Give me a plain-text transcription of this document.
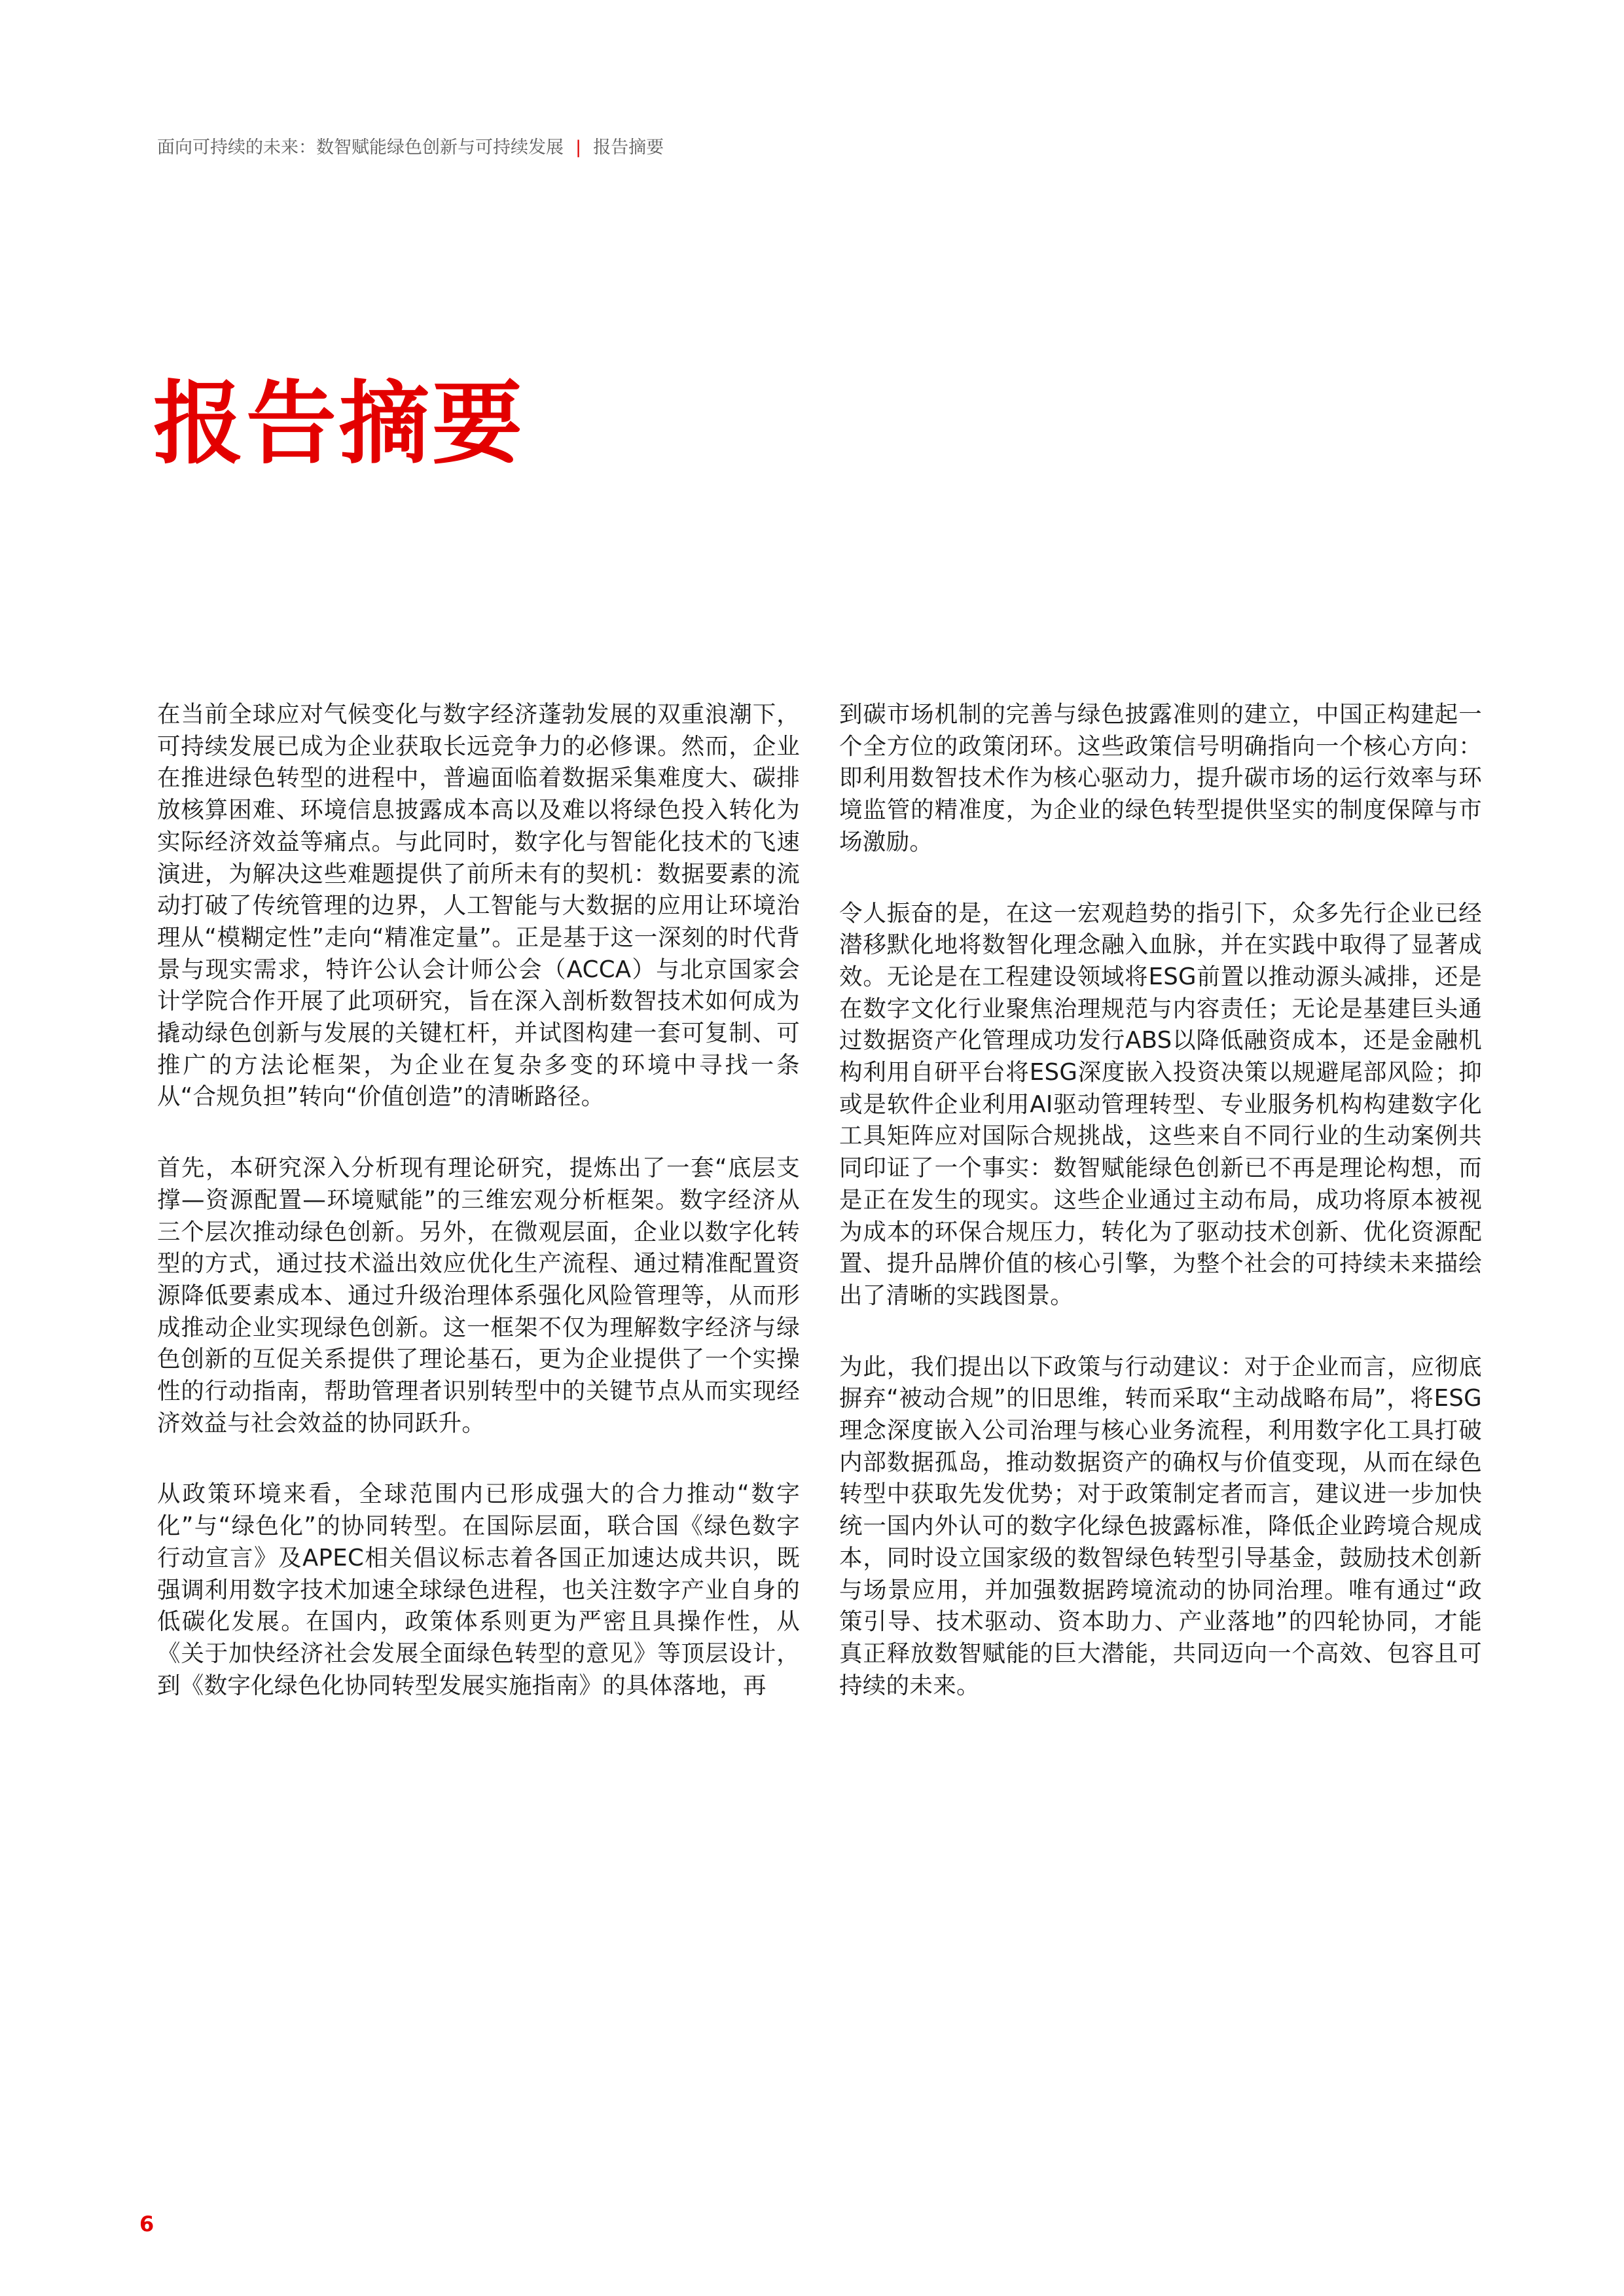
面向可持续的未来：数智赋能绿色创新与可持续发展 | 报告摘要
报告摘要

在当前全球应对气候变化与数字经济蓬勃发展的双重浪潮下，可持续发展已成为企业获取长远竞争力的必修课。然而，企业在推进绿色转型的进程中，普遍面临着数据采集难度大、碳排放核算困难、环境信息披露成本高以及难以将绿色投入转化为实际经济效益等痛点。与此同时，数字化与智能化技术的飞速演进，为解决这些难题提供了前所未有的契机：数据要素的流动打破了传统管理的边界，人工智能与大数据的应用让环境治理从“模糊定性”走向“精准定量”。正是基于这一深刻的时代背景与现实需求，特许公认会计师公会（ACCA）与北京国家会计学院合作开展了此项研究，旨在深入剖析数智技术如何成为撬动绿色创新与发展的关键杠杆，并试图构建一套可复制、可推广的方法论框架，为企业在复杂多变的环境中寻找一条从“合规负担”转向“价值创造”的清晰路径。

首先，本研究深入分析现有理论研究，提炼出了一套“底层支撑—资源配置—环境赋能”的三维宏观分析框架。数字经济从三个层次推动绿色创新。另外，在微观层面，企业以数字化转型的方式，通过技术溢出效应优化生产流程、通过精准配置资源降低要素成本、通过升级治理体系强化风险管理等，从而形成推动企业实现绿色创新。这一框架不仅为理解数字经济与绿色创新的互促关系提供了理论基石，更为企业提供了一个实操性的行动指南，帮助管理者识别转型中的关键节点从而实现经济效益与社会效益的协同跃升。

从政策环境来看，全球范围内已形成强大的合力推动“数字化”与“绿色化”的协同转型。在国际层面，联合国《绿色数字行动宣言》及APEC相关倡议标志着各国正加速达成共识，既强调利用数字技术加速全球绿色进程，也关注数字产业自身的低碳化发展。在国内，政策体系则更为严密且具操作性，从《关于加快经济社会发展全面绿色转型的意见》等顶层设计，到《数字化绿色化协同转型发展实施指南》的具体落地，再

到碳市场机制的完善与绿色披露准则的建立，中国正构建起一个全方位的政策闭环。这些政策信号明确指向一个核心方向：即利用数智技术作为核心驱动力，提升碳市场的运行效率与环境监管的精准度，为企业的绿色转型提供坚实的制度保障与市场激励。

令人振奋的是，在这一宏观趋势的指引下，众多先行企业已经潜移默化地将数智化理念融入血脉，并在实践中取得了显著成效。无论是在工程建设领域将ESG前置以推动源头减排，还是在数字文化行业聚焦治理规范与内容责任；无论是基建巨头通过数据资产化管理成功发行ABS以降低融资成本，还是金融机构利用自研平台将ESG深度嵌入投资决策以规避尾部风险；抑或是软件企业利用AI驱动管理转型、专业服务机构构建数字化工具矩阵应对国际合规挑战，这些来自不同行业的生动案例共同印证了一个事实：数智赋能绿色创新已不再是理论构想，而是正在发生的现实。这些企业通过主动布局，成功将原本被视为成本的环保合规压力，转化为了驱动技术创新、优化资源配置、提升品牌价值的核心引擎，为整个社会的可持续未来描绘出了清晰的实践图景。

为此，我们提出以下政策与行动建议：对于企业而言，应彻底摒弃“被动合规”的旧思维，转而采取“主动战略布局”，将ESG理念深度嵌入公司治理与核心业务流程，利用数字化工具打破内部数据孤岛，推动数据资产的确权与价值变现，从而在绿色转型中获取先发优势；对于政策制定者而言，建议进一步加快统一国内外认可的数字化绿色披露标准，降低企业跨境合规成本，同时设立国家级的数智绿色转型引导基金，鼓励技术创新与场景应用，并加强数据跨境流动的协同治理。唯有通过“政策引导、技术驱动、资本助力、产业落地”的四轮协同，才能真正释放数智赋能的巨大潜能，共同迈向一个高效、包容且可持续的未来。

6
